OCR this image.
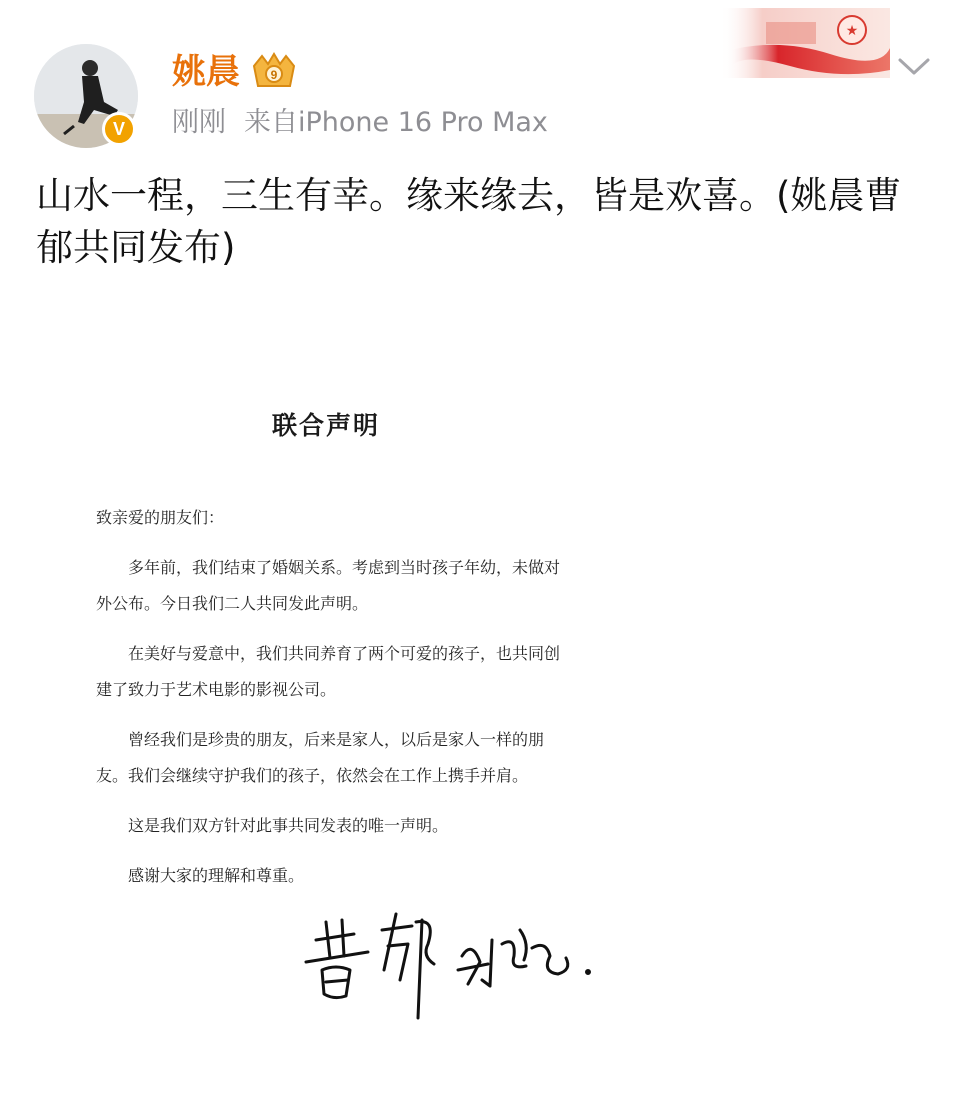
V
姚晨	9
刚刚 来自iPhone 16 Pro Max
★
山水一程，三生有幸。缘来缘去，皆是欢喜。(姚晨曹郁共同发布)
联合声明

致亲爱的朋友们：

多年前，我们结束了婚姻关系。考虑到当时孩子年幼，未做对外公布。今日我们二人共同发此声明。

在美好与爱意中，我们共同养育了两个可爱的孩子，也共同创建了致力于艺术电影的影视公司。

曾经我们是珍贵的朋友，后来是家人，以后是家人一样的朋友。我们会继续守护我们的孩子，依然会在工作上携手并肩。

这是我们双方针对此事共同发表的唯一声明。

感谢大家的理解和尊重。
